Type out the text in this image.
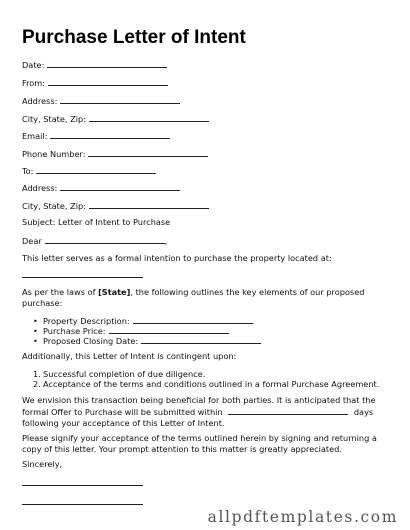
Purchase Letter of Intent
Date:
From:
Address:
City, State, Zip:
Email:
Phone Number:
To:
Address:
City, State, Zip:
Subject: Letter of Intent to Purchase
Dear	,
This letter serves as a formal intention to purchase the property located at:
As per the laws of [State], the following outlines the key elements of our proposed purchase:
• Property Description:
• Purchase Price:
• Proposed Closing Date:
Additionally, this Letter of Intent is contingent upon:
1. Successful completion of due diligence.
2. Acceptance of the terms and conditions outlined in a formal Purchase Agreement.
We envision this transaction being beneficial for both parties. It is anticipated that the formal Offer to Purchase will be submitted within	days following your acceptance of this Letter of Intent.
Please signify your acceptance of the terms outlined herein by signing and returning a copy of this letter. Your prompt attention to this matter is greatly appreciated.
Sincerely,
allpdftemplates.com
